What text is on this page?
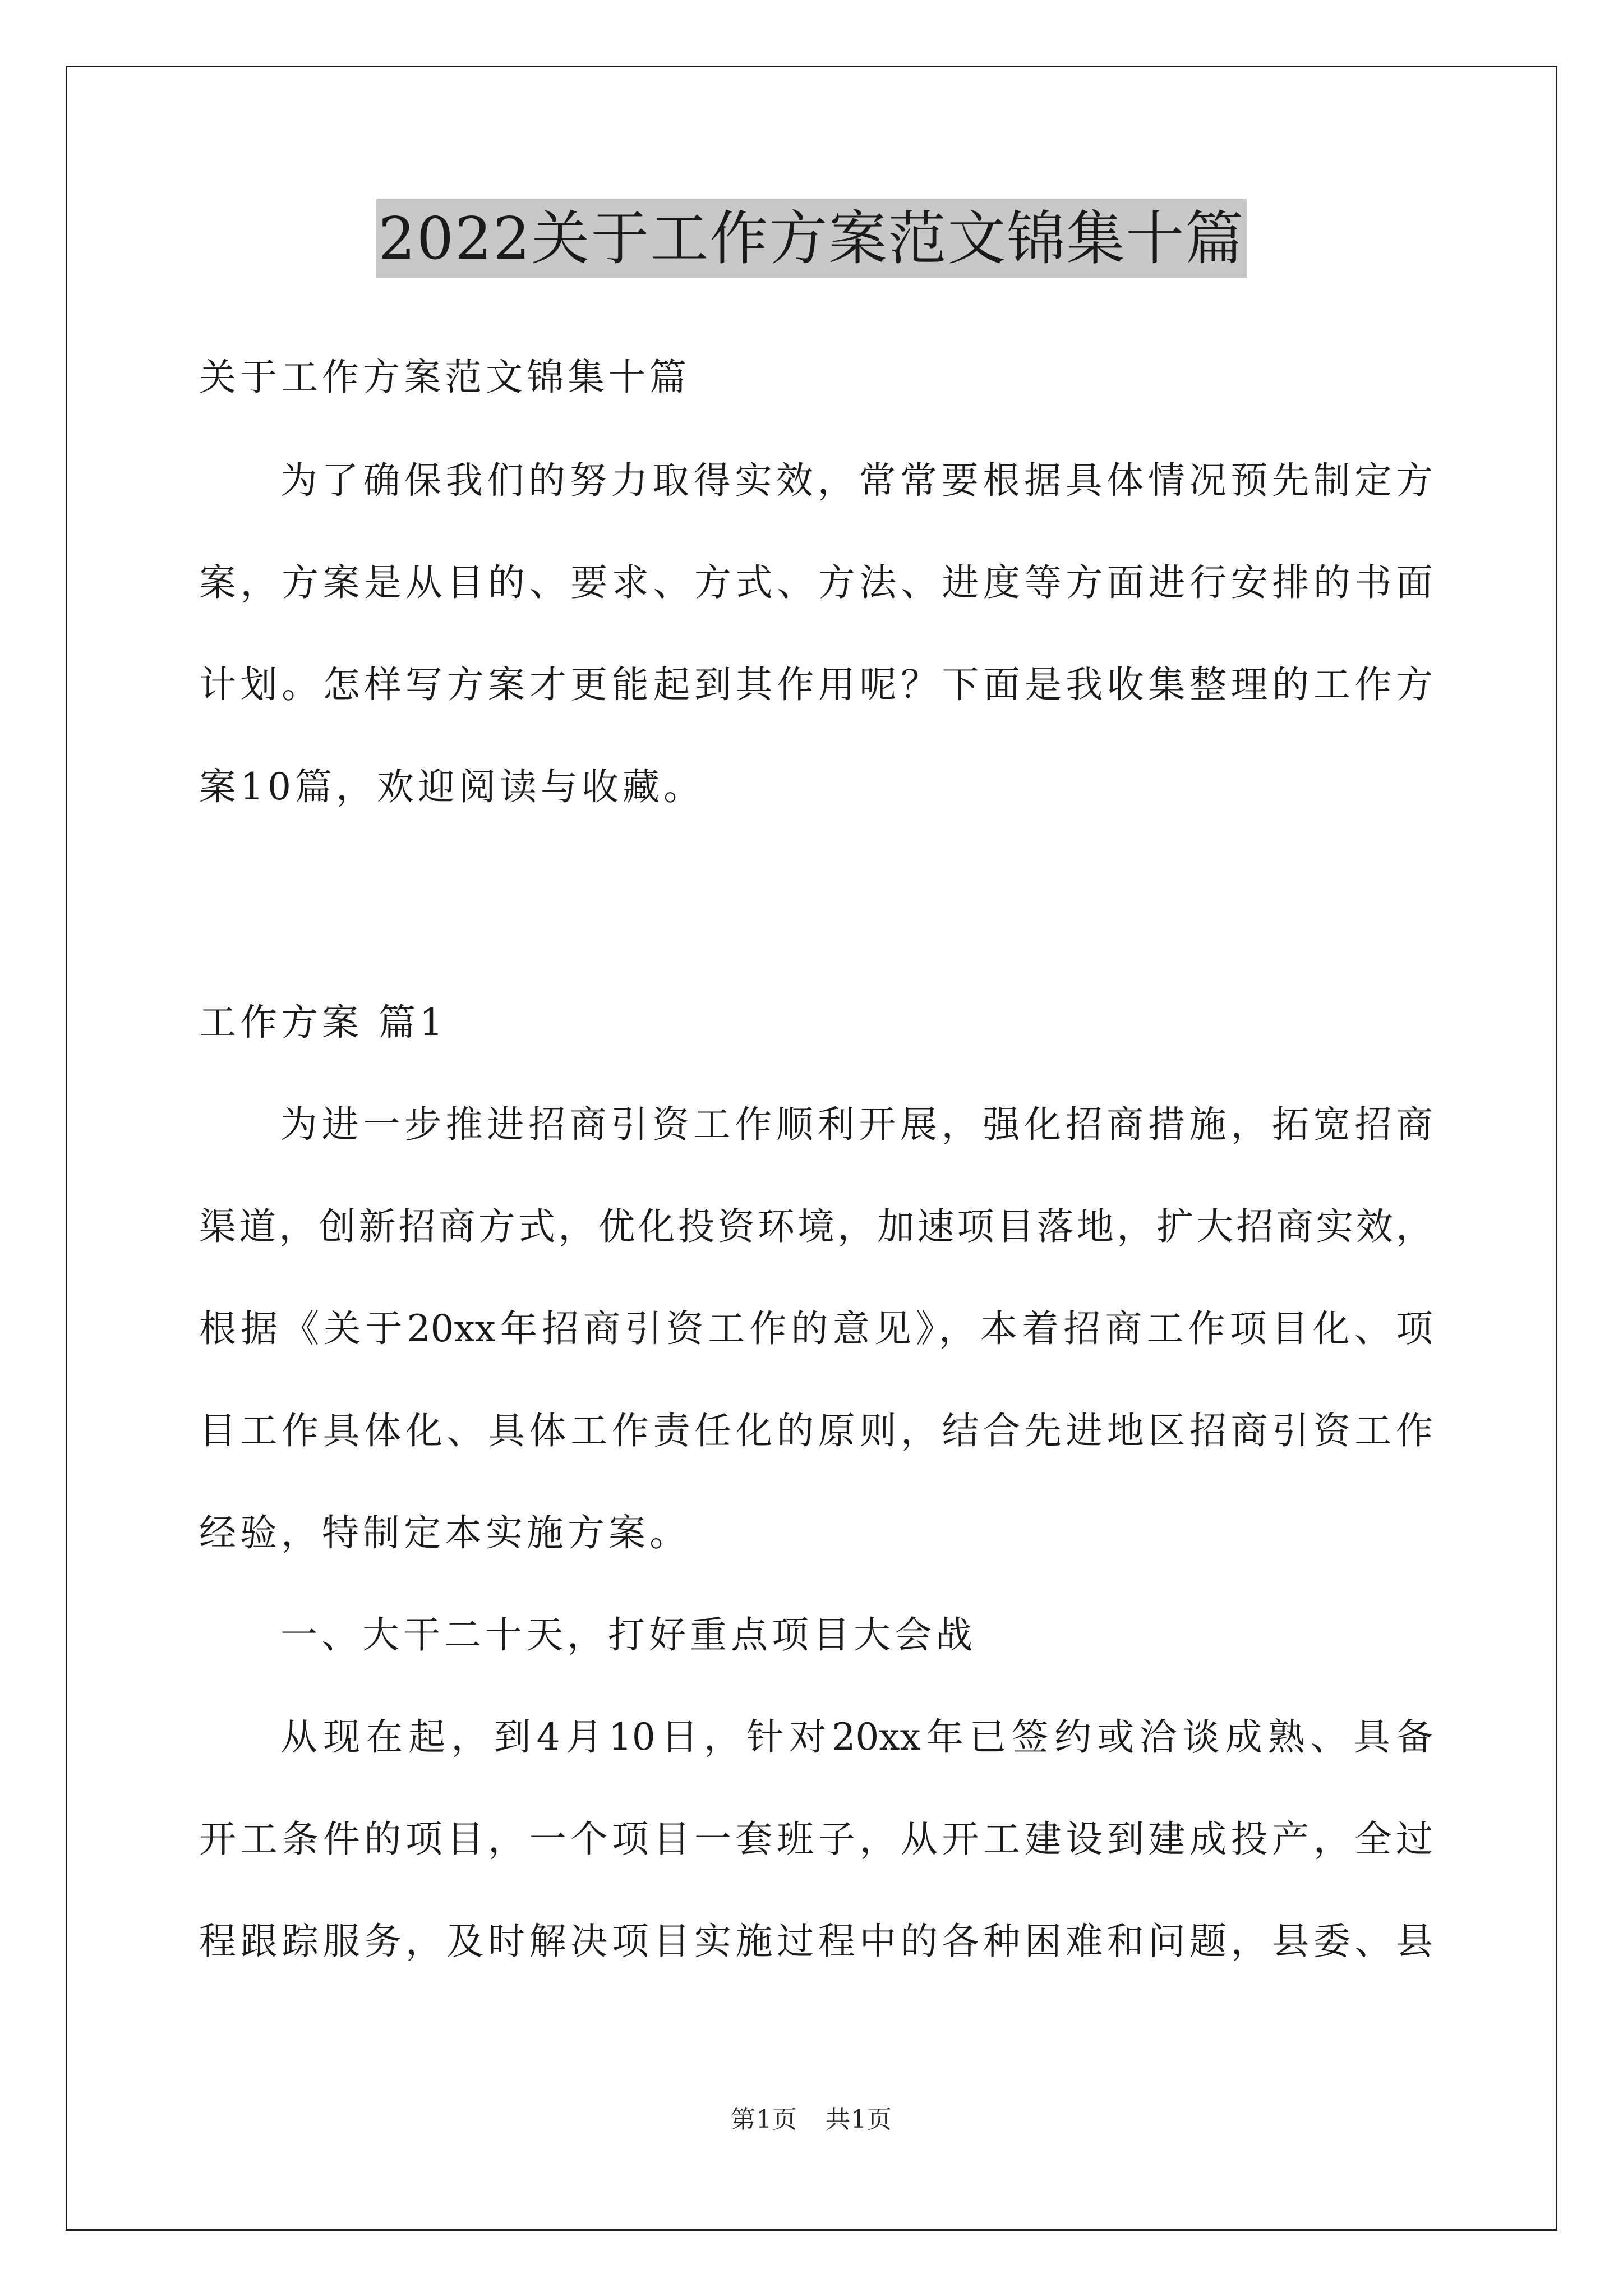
2022关于工作方案范文锦集十篇
关于工作方案范文锦集十篇
为了确保我们的努力取得实效，常常要根据具体情况预先制定方
案，方案是从目的、要求、方式、方法、进度等方面进行安排的书面
计划。怎样写方案才更能起到其作用呢？下面是我收集整理的工作方
案10篇，欢迎阅读与收藏。
工作方案 篇1
为进一步推进招商引资工作顺利开展，强化招商措施，拓宽招商
渠道，创新招商方式，优化投资环境，加速项目落地，扩大招商实效，
根据《关于20xx年招商引资工作的意见》，本着招商工作项目化、项
目工作具体化、具体工作责任化的原则，结合先进地区招商引资工作
经验，特制定本实施方案。
一、大干二十天，打好重点项目大会战
从现在起，到4月10日，针对20xx年已签约或洽谈成熟、具备
开工条件的项目，一个项目一套班子，从开工建设到建成投产，全过
程跟踪服务，及时解决项目实施过程中的各种困难和问题，县委、县
第1页 共1页
